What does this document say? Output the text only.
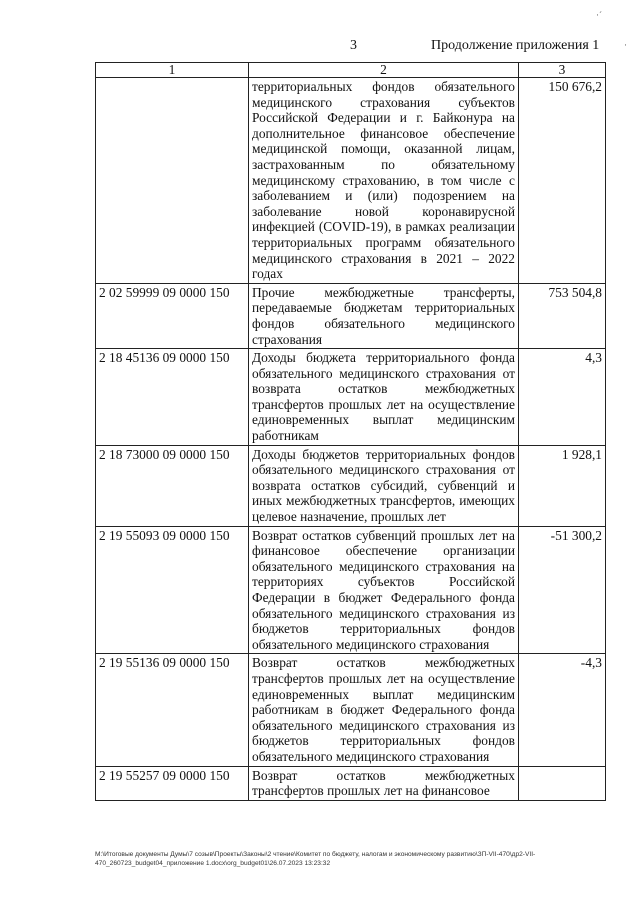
3	Продолжение приложения 1
·´
·
1	2	3
	территориальных фондов обязательного медицинского страхования субъектов Российской Федерации и г. Байконура на дополнительное финансовое обеспечение медицинской помощи, оказанной лицам, застрахованным по обязательному медицинскому страхованию, в том числе с заболеванием и (или) подозрением на заболевание новой коронавирусной инфекцией (COVID-19), в рамках реализации территориальных программ обязательного медицинского страхования в 2021 – 2022 годах	150 676,2
2 02 59999 09 0000 150	Прочие межбюджетные трансферты, передаваемые бюджетам территориальных фондов обязательного медицинского страхования	753 504,8
2 18 45136 09 0000 150	Доходы бюджета территориального фонда обязательного медицинского страхования от возврата остатков межбюджетных трансфертов прошлых лет на осуществление единовременных выплат медицинским работникам	4,3
2 18 73000 09 0000 150	Доходы бюджетов территориальных фондов обязательного медицинского страхования от возврата остатков субсидий, субвенций и иных межбюджетных трансфертов, имеющих целевое назначение, прошлых лет	1 928,1
2 19 55093 09 0000 150	Возврат остатков субвенций прошлых лет на финансовое обеспечение организации обязательного медицинского страхования на территориях субъектов Российской Федерации в бюджет Федерального фонда обязательного медицинского страхования из бюджетов территориальных фондов обязательного медицинского страхования	-51 300,2
2 19 55136 09 0000 150	Возврат остатков межбюджетных трансфертов прошлых лет на осуществление единовременных выплат медицинским работникам в бюджет Федерального фонда обязательного медицинского страхования из бюджетов территориальных фондов обязательного медицинского страхования	-4,3
2 19 55257 09 0000 150	Возврат остатков межбюджетных трансфертов прошлых лет на финансовое	
M:\Итоговые документы Думы\7 созыв\Проекты\Законы\2 чтение\Комитет по бюджету, налогам и экономическому развитию\ЗП-VII-470\др2-VII-470_260723_budget04_приложение 1.docx\org_budget01\26.07.2023 13:23:32
